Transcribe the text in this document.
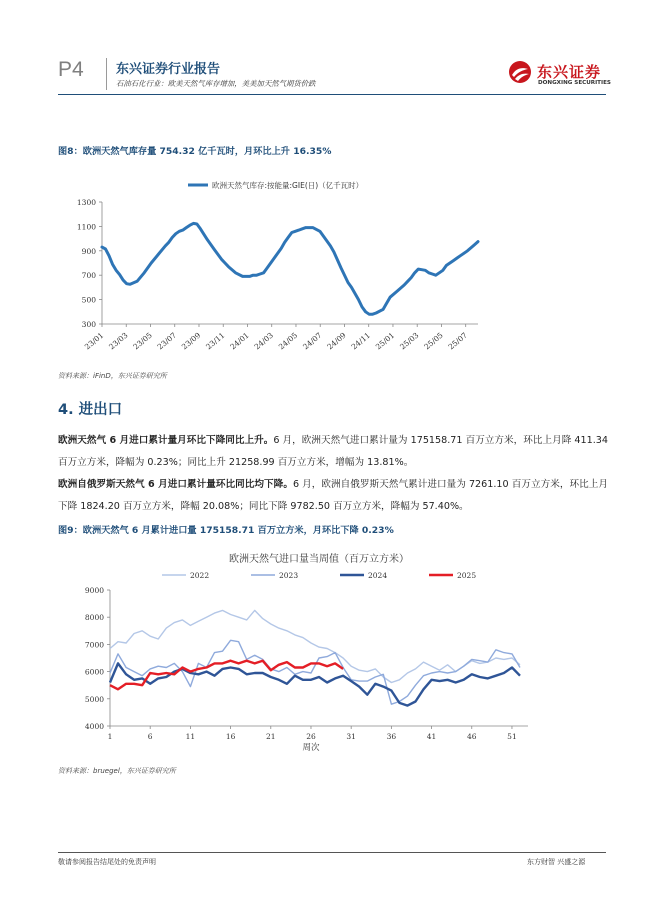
P4 东兴证券行业报告
石油石化行业：欧美天然气库存增加，美美加天然气期货价跌
东兴证券
DONGXING SECURITIES
图8：欧洲天然气库存量 754.32 亿千瓦时，月环比上升 16.35%
欧洲天然气库存:按能量:GIE(日)（亿千瓦时）
300
500
700
900
1100
1300
23/01 23/03 23/05 23/07 23/09 23/11 24/01 24/03 24/05 24/07 24/09 24/11 25/01 25/03 25/05 25/07
资料来源：iFinD，东兴证券研究所
4. 进出口
欧洲天然气 6 月进口累计量月环比下降同比上升。6 月，欧洲天然气进口累计量为 175158.71 百万立方米，环比上月降 411.34 百万立方米，降幅为 0.23%；同比上升 21258.99 百万立方米，增幅为 13.81%。
欧洲自俄罗斯天然气 6 月进口累计量环比同比均下降。6 月，欧洲自俄罗斯天然气累计进口量为 7261.10 百万立方米，环比上月下降 1824.20 百万立方米，降幅 20.08%；同比下降 9782.50 百万立方米，降幅为 57.40%。
图9：欧洲天然气 6 月累计进口量 175158.71 百万立方米，月环比下降 0.23%
欧洲天然气进口量当周值（百万立方米）
2022	2023	2024	2025
4000
5000
6000
7000
8000
9000
1	6	11	16	21	26	31	36	41	46	51
周次
资料来源：bruegel，东兴证券研究所
敬请参阅报告结尾处的免责声明	东方财智 兴盛之源
